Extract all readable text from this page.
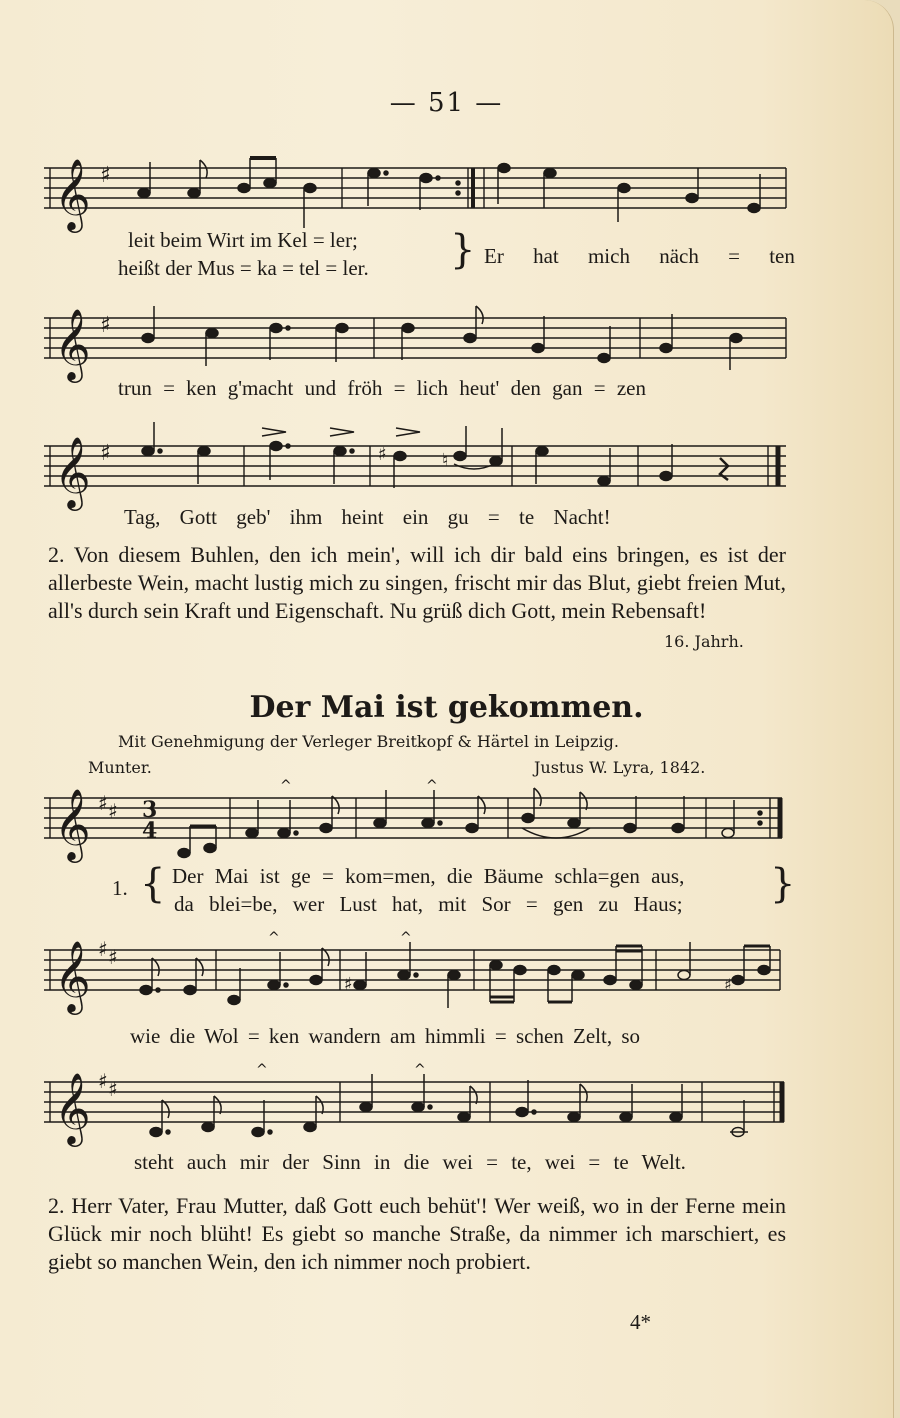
— 51 —
𝄞 ♯
leit beim Wirt im Kel = ler;
heißt der Mus = ka = tel = ler. } Er hat mich näch = ten
𝄞 ♯
trun = ken g'macht und fröh = lich heut' den gan = zen
𝄞 ♯	♯	♮
Tag, Gott geb' ihm heint ein gu = te Nacht!
2. Von diesem Buhlen, den ich mein', will ich dir bald eins bringen, es ist der allerbeste Wein, macht lustig mich zu singen, frischt mir das Blut, giebt freien Mut, all's durch sein Kraft und Eigenschaft. Nu grüß dich Gott, mein Rebensaft!
16. Jahrh.
Der Mai ist gekommen.
Mit Genehmigung der Verleger Breitkopf & Härtel in Leipzig.
Munter.	Justus W. Lyra, 1842.
𝄞 ♯ ♯ 3
4
^	^
1. { Der Mai ist ge = kom=men, die Bäume schla=gen aus,
da blei=be, wer Lust hat, mit Sor = gen zu Haus; }
𝄞 ♯ ♯
^
♯
^
♯
wie die Wol = ken wandern am himmli = schen Zelt, so
𝄞 ♯ ♯
^	^
steht auch mir der Sinn in die wei = te, wei = te Welt.
2. Herr Vater, Frau Mutter, daß Gott euch behüt'! Wer weiß, wo in der Ferne mein Glück mir noch blüht! Es giebt so manche Straße, da nimmer ich marschiert, es giebt so manchen Wein, den ich nimmer noch probiert.
4*
